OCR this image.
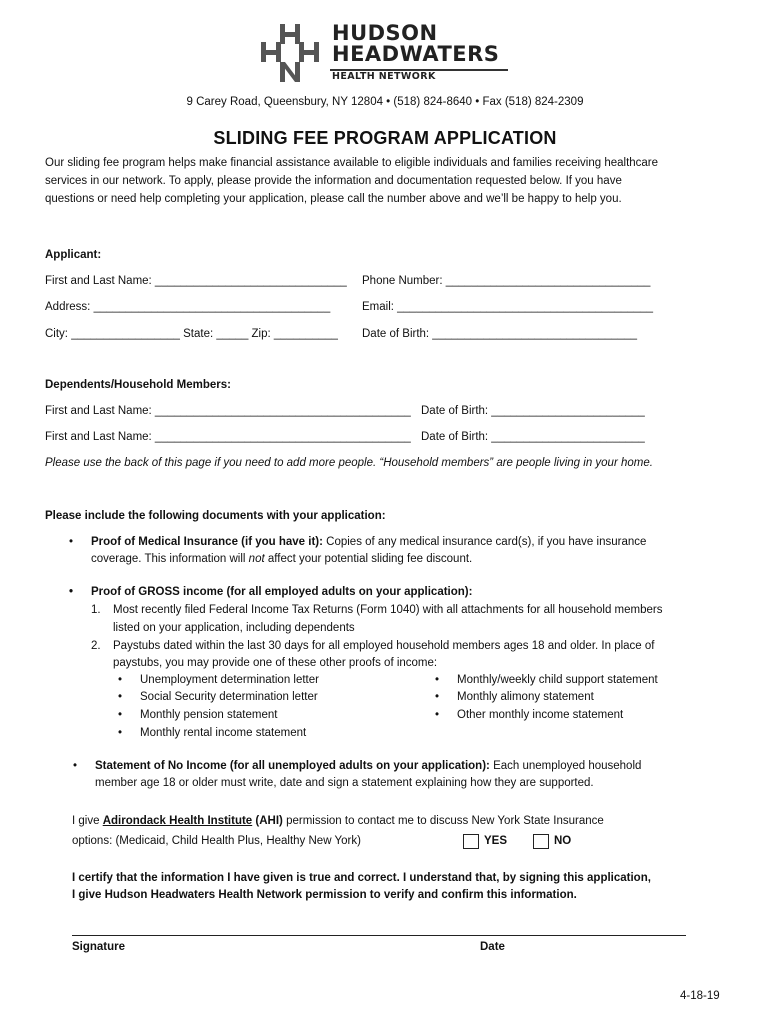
HUDSON
HEADWATERS
HEALTH NETWORK
9 Carey Road, Queensbury, NY 12804 • (518) 824-8640 • Fax (518) 824-2309
SLIDING FEE PROGRAM APPLICATION
Our sliding fee program helps make financial assistance available to eligible individuals and families receiving healthcare
services in our network. To apply, please provide the information and documentation requested below. If you have
questions or need help completing your application, please call the number above and we’ll be happy to help you.
Applicant:
First and Last Name: ______________________________ Phone Number: ________________________________
Address: _____________________________________	Email: ________________________________________
City: _________________ State: _____ Zip: __________ Date of Birth: ________________________________
Dependents/Household Members:
First and Last Name: ________________________________________ Date of Birth: ________________________
First and Last Name: ________________________________________ Date of Birth: ________________________
Please use the back of this page if you need to add more people. “Household members” are people living in your home.
Please include the following documents with your application:
• Proof of Medical Insurance (if you have it): Copies of any medical insurance card(s), if you have insurance
coverage. This information will not affect your potential sliding fee discount.
• Proof of GROSS income (for all employed adults on your application):
1. Most recently filed Federal Income Tax Returns (Form 1040) with all attachments for all household members
listed on your application, including dependents
2. Paystubs dated within the last 30 days for all employed household members ages 18 and older. In place of
paystubs, you may provide one of these other proofs of income:
• Unemployment determination letter
• Social Security determination letter
• Monthly pension statement
• Monthly rental income statement
• Monthly/weekly child support statement
• Monthly alimony statement
• Other monthly income statement
• Statement of No Income (for all unemployed adults on your application): Each unemployed household
member age 18 or older must write, date and sign a statement explaining how they are supported.
I give Adirondack Health Institute (AHI) permission to contact me to discuss New York State Insurance
options: (Medicaid, Child Health Plus, Healthy New York)	YES	NO
I certify that the information I have given is true and correct. I understand that, by signing this application,
I give Hudson Headwaters Health Network permission to verify and confirm this information.
Signature	Date
4-18-19
